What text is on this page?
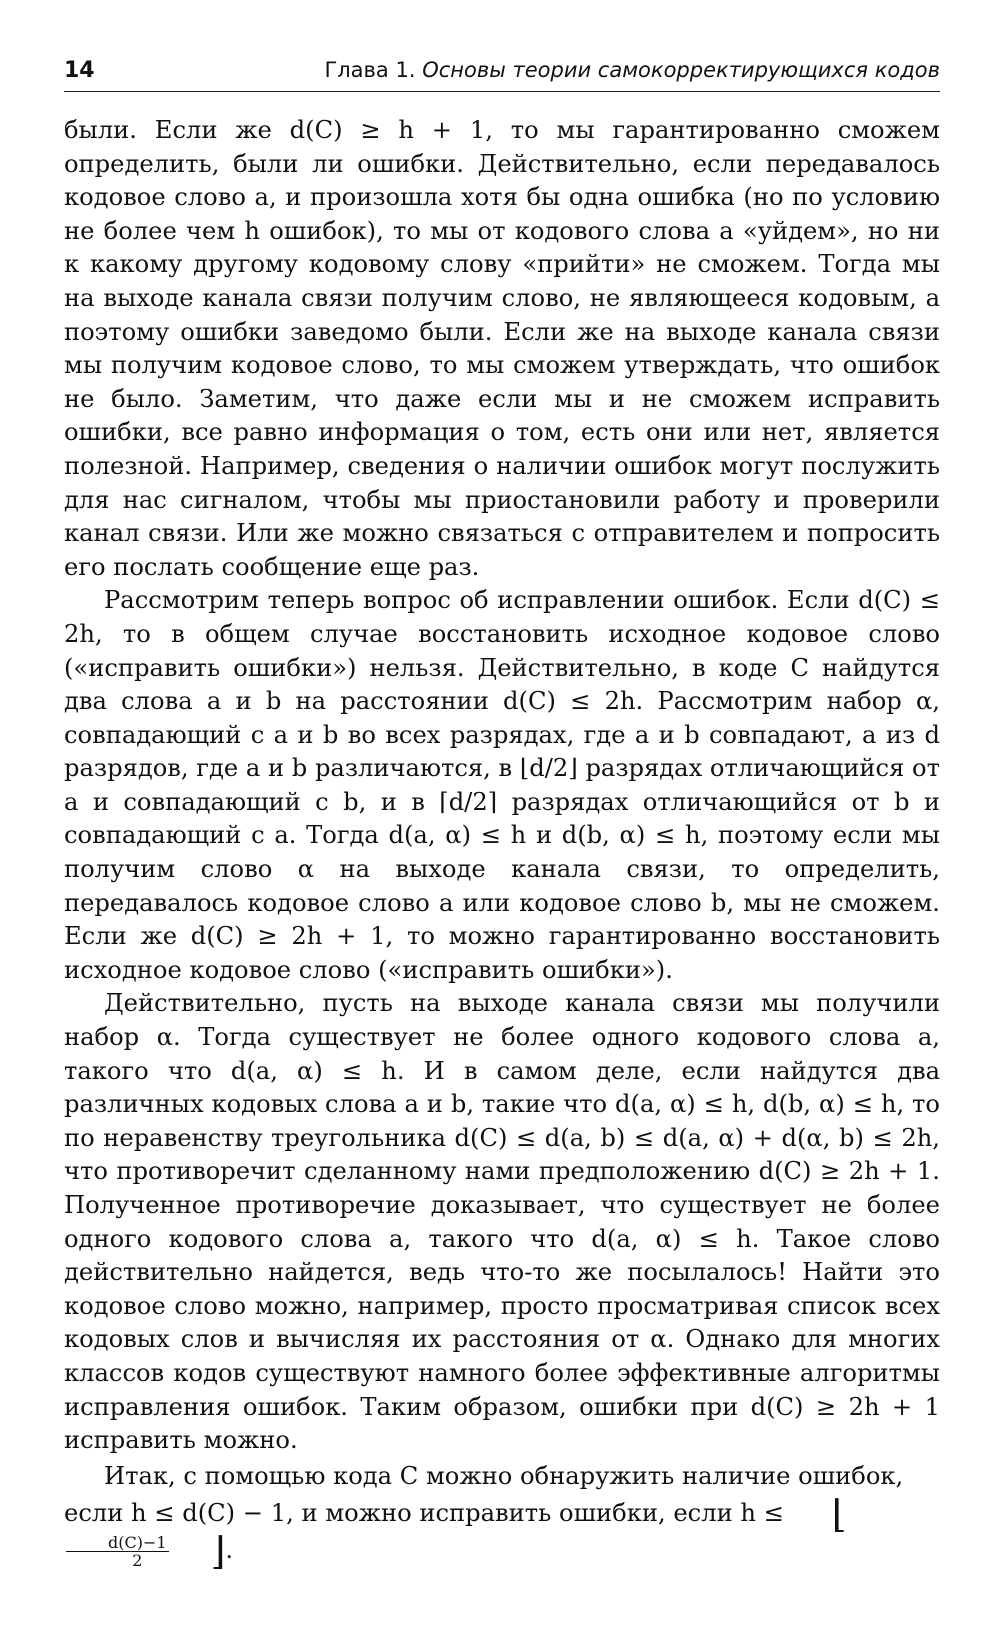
14	Глава 1. Основы теории самокорректирующихся кодов

были. Если же d(C) ≥ h + 1, то мы гарантированно сможем определить, были ли ошибки. Действительно, если передавалось кодовое слово a, и произошла хотя бы одна ошибка (но по условию не более чем h ошибок), то мы от кодового слова a «уйдем», но ни к какому другому кодовому слову «прийти» не сможем. Тогда мы на выходе канала связи получим слово, не являющееся кодовым, а поэтому ошибки заведомо были. Если же на выходе канала связи мы получим кодовое слово, то мы сможем утверждать, что ошибок не было. Заметим, что даже если мы и не сможем исправить ошибки, все равно информация о том, есть они или нет, является полезной. Например, сведения о наличии ошибок могут послужить для нас сигналом, чтобы мы приостановили работу и проверили канал связи. Или же можно связаться с отправителем и попросить его послать сообщение еще раз.

Рассмотрим теперь вопрос об исправлении ошибок. Если d(C) ≤ 2h, то в общем случае восстановить исходное кодовое слово («исправить ошибки») нельзя. Действительно, в коде C найдутся два слова a и b на расстоянии d(C) ≤ 2h. Рассмотрим набор α, совпадающий с a и b во всех разрядах, где a и b совпадают, а из d разрядов, где a и b различаются, в ⌊d/2⌋ разрядах отличающийся от a и совпадающий с b, и в ⌈d/2⌉ разрядах отличающийся от b и совпадающий с a. Тогда d(a, α) ≤ h и d(b, α) ≤ h, поэтому если мы получим слово α на выходе канала связи, то определить, передавалось кодовое слово a или кодовое слово b, мы не сможем. Если же d(C) ≥ 2h + 1, то можно гарантированно восстановить исходное кодовое слово («исправить ошибки»).

Действительно, пусть на выходе канала связи мы получили набор α. Тогда существует не более одного кодового слова a, такого что d(a, α) ≤ h. И в самом деле, если найдутся два различных кодовых слова a и b, такие что d(a, α) ≤ h, d(b, α) ≤ h, то по неравенству треугольника d(C) ≤ d(a, b) ≤ d(a, α) + d(α, b) ≤ 2h, что противоречит сделанному нами предположению d(C) ≥ 2h + 1. Полученное противоречие доказывает, что существует не более одного кодового слова a, такого что d(a, α) ≤ h. Такое слово действительно найдется, ведь что-то же посылалось! Найти это кодовое слово можно, например, просто просматривая список всех кодовых слов и вычисляя их расстояния от α. Однако для многих классов кодов существуют намного более эффективные алгоритмы исправления ошибок. Таким образом, ошибки при d(C) ≥ 2h + 1 исправить можно.

Итак, с помощью кода C можно обнаружить наличие ошибок, если h ≤ d(C) − 1, и можно исправить ошибки, если h ≤ ⌊
$\frac{d(C)-1}{2}$ ⌋.
